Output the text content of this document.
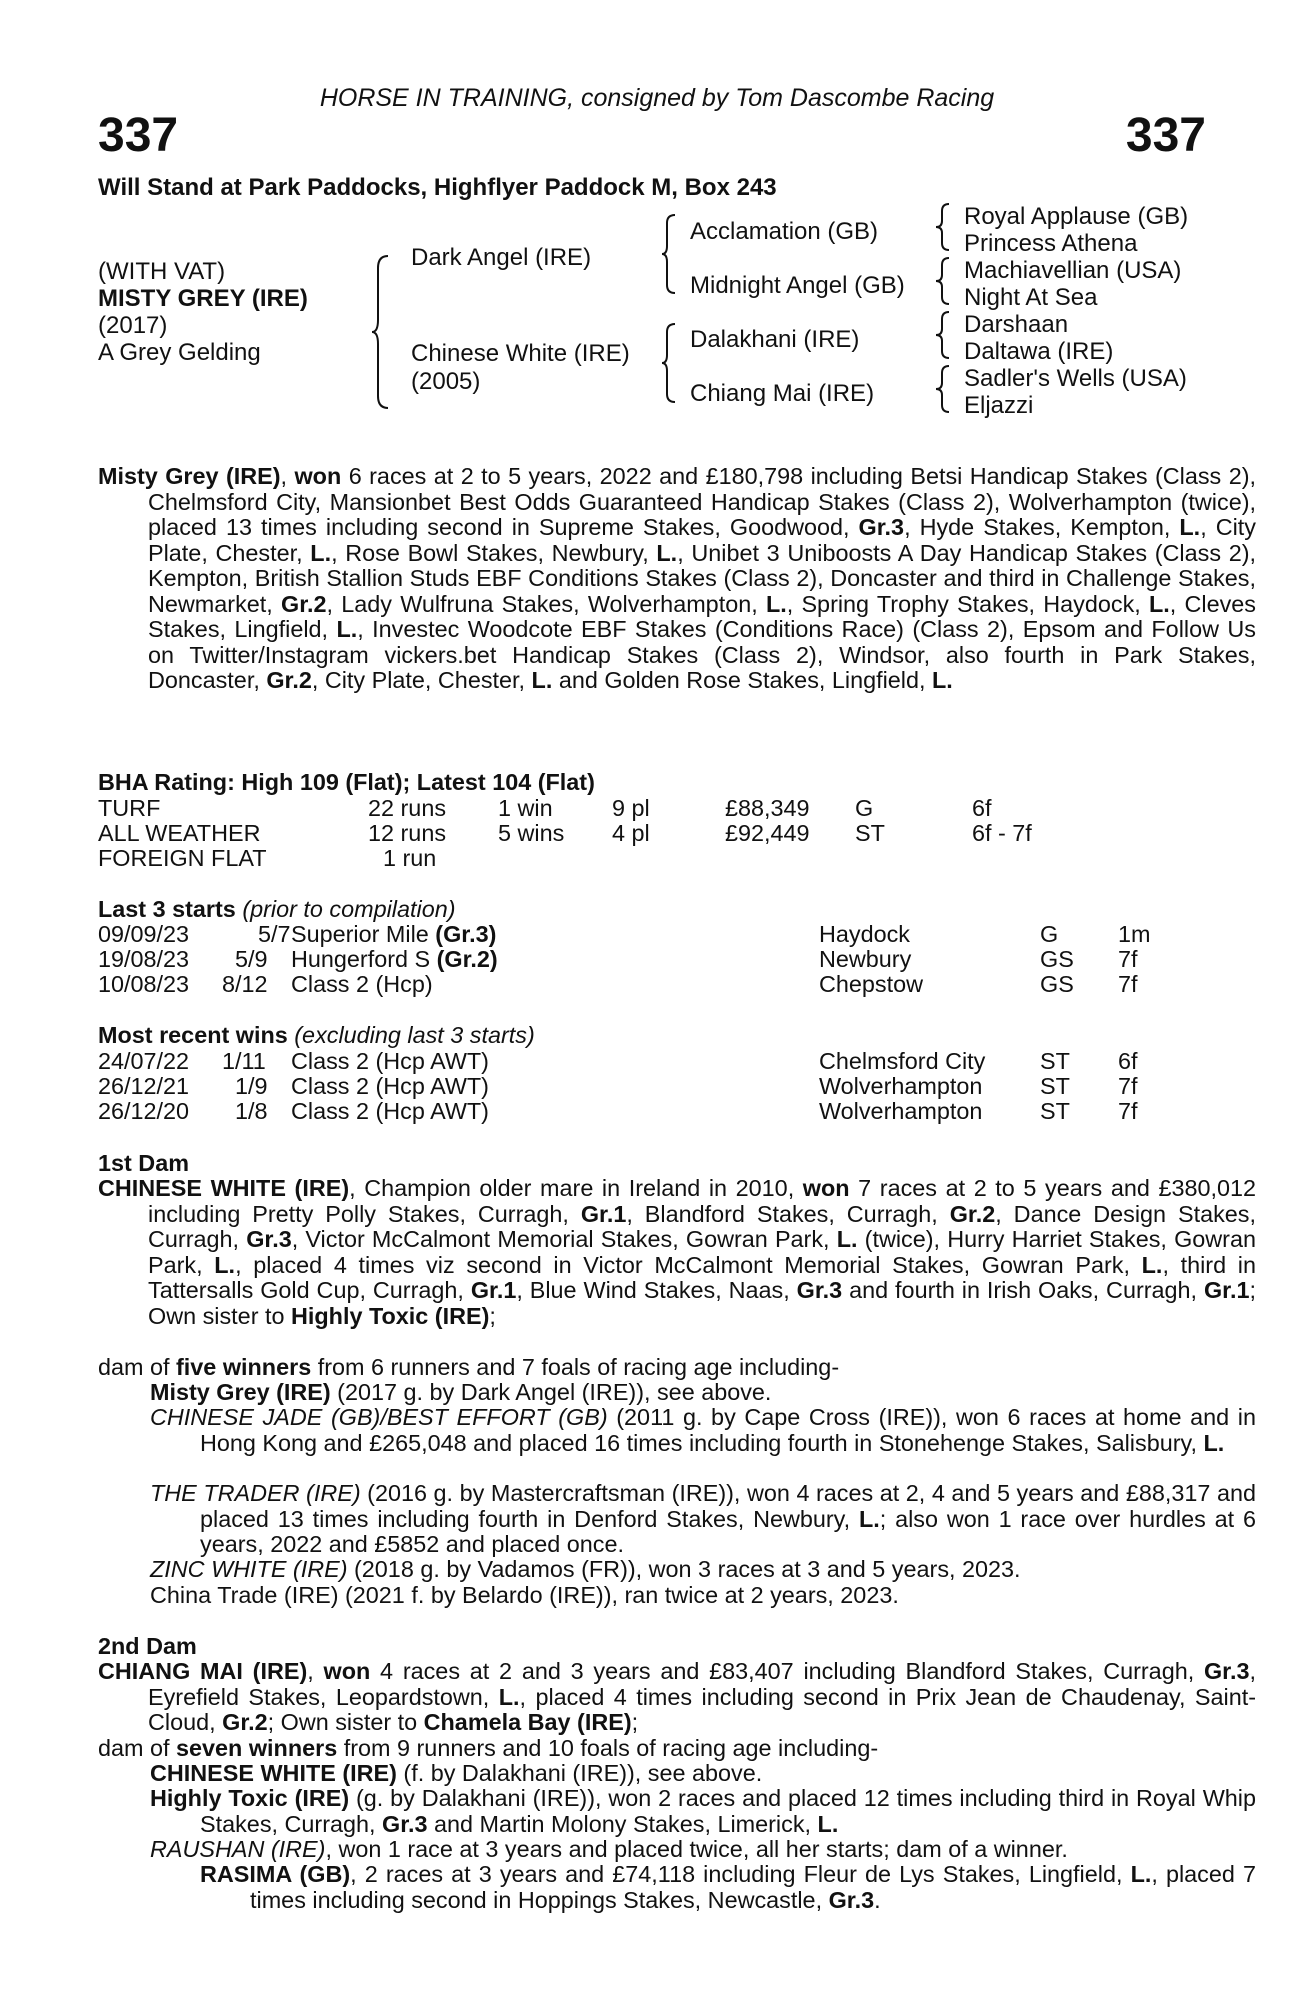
HORSE IN TRAINING, consigned by Tom Dascombe Racing
337	337
Will Stand at Park Paddocks, Highflyer Paddock M, Box 243
(WITH VAT)
MISTY GREY (IRE)
(2017)
A Grey Gelding
Dark Angel (IRE)
Chinese White (IRE)
(2005)
Acclamation (GB)
Midnight Angel (GB)
Dalakhani (IRE)
Chiang Mai (IRE)
Royal Applause (GB)
Princess Athena
Machiavellian (USA)
Night At Sea
Darshaan
Daltawa (IRE)
Sadler's Wells (USA)
Eljazzi
Misty Grey (IRE), won 6 races at 2 to 5 years, 2022 and £180,798 including Betsi Handicap Stakes (Class 2), Chelmsford City, Mansionbet Best Odds Guaranteed Handicap Stakes (Class 2), Wolverhampton (twice), placed 13 times including second in Supreme Stakes, Goodwood, Gr.3, Hyde Stakes, Kempton, L., City Plate, Chester, L., Rose Bowl Stakes, Newbury, L., Unibet 3 Uniboosts A Day Handicap Stakes (Class 2), Kempton, British Stallion Studs EBF Conditions Stakes (Class 2), Doncaster and third in Challenge Stakes, Newmarket, Gr.2, Lady Wulfruna Stakes, Wolverhampton, L., Spring Trophy Stakes, Haydock, L., Cleves Stakes, Lingfield, L., Investec Woodcote EBF Stakes (Conditions Race) (Class 2), Epsom and Follow Us on Twitter/Instagram vickers.bet Handicap Stakes (Class 2), Windsor, also fourth in Park Stakes, Doncaster, Gr.2, City Plate, Chester, L. and Golden Rose Stakes, Lingfield, L.
BHA Rating: High 109 (Flat); Latest 104 (Flat)
TURF	22 runs 1 win	9 pl	£88,349 G	6f
ALL WEATHER	12 runs 5 wins 4 pl	£92,449 ST	6f - 7f
FOREIGN FLAT	1 run
Last 3 starts (prior to compilation)
09/09/23	5/7 Superior Mile (Gr.3)	Haydock	G	1m
19/08/23 5/9 Hungerford S (Gr.2)	Newbury	GS 7f
10/08/23 8/12 Class 2 (Hcp)	Chepstow	GS 7f
Most recent wins (excluding last 3 starts)
24/07/22 1/11 Class 2 (Hcp AWT)	Chelmsford City ST 6f
26/12/21 1/9 Class 2 (Hcp AWT)	Wolverhampton ST 7f
26/12/20 1/8 Class 2 (Hcp AWT)	Wolverhampton ST 7f
1st Dam
CHINESE WHITE (IRE), Champion older mare in Ireland in 2010, won 7 races at 2 to 5 years and £380,012 including Pretty Polly Stakes, Curragh, Gr.1, Blandford Stakes, Curragh, Gr.2, Dance Design Stakes, Curragh, Gr.3, Victor McCalmont Memorial Stakes, Gowran Park, L. (twice), Hurry Harriet Stakes, Gowran Park, L., placed 4 times viz second in Victor McCalmont Memorial Stakes, Gowran Park, L., third in Tattersalls Gold Cup, Curragh, Gr.1, Blue Wind Stakes, Naas, Gr.3 and fourth in Irish Oaks, Curragh, Gr.1; Own sister to Highly Toxic (IRE);
dam of five winners from 6 runners and 7 foals of racing age including-
Misty Grey (IRE) (2017 g. by Dark Angel (IRE)), see above.
CHINESE JADE (GB)/BEST EFFORT (GB) (2011 g. by Cape Cross (IRE)), won 6 races at home and in Hong Kong and £265,048 and placed 16 times including fourth in Stonehenge Stakes, Salisbury, L.
THE TRADER (IRE) (2016 g. by Mastercraftsman (IRE)), won 4 races at 2, 4 and 5 years and £88,317 and placed 13 times including fourth in Denford Stakes, Newbury, L.; also won 1 race over hurdles at 6 years, 2022 and £5852 and placed once.
ZINC WHITE (IRE) (2018 g. by Vadamos (FR)), won 3 races at 3 and 5 years, 2023.
China Trade (IRE) (2021 f. by Belardo (IRE)), ran twice at 2 years, 2023.
2nd Dam
CHIANG MAI (IRE), won 4 races at 2 and 3 years and £83,407 including Blandford Stakes, Curragh, Gr.3, Eyrefield Stakes, Leopardstown, L., placed 4 times including second in Prix Jean de Chaudenay, Saint-Cloud, Gr.2; Own sister to Chamela Bay (IRE);
dam of seven winners from 9 runners and 10 foals of racing age including-
CHINESE WHITE (IRE) (f. by Dalakhani (IRE)), see above.
Highly Toxic (IRE) (g. by Dalakhani (IRE)), won 2 races and placed 12 times including third in Royal Whip Stakes, Curragh, Gr.3 and Martin Molony Stakes, Limerick, L.
RAUSHAN (IRE), won 1 race at 3 years and placed twice, all her starts; dam of a winner.
RASIMA (GB), 2 races at 3 years and £74,118 including Fleur de Lys Stakes, Lingfield, L., placed 7 times including second in Hoppings Stakes, Newcastle, Gr.3.
